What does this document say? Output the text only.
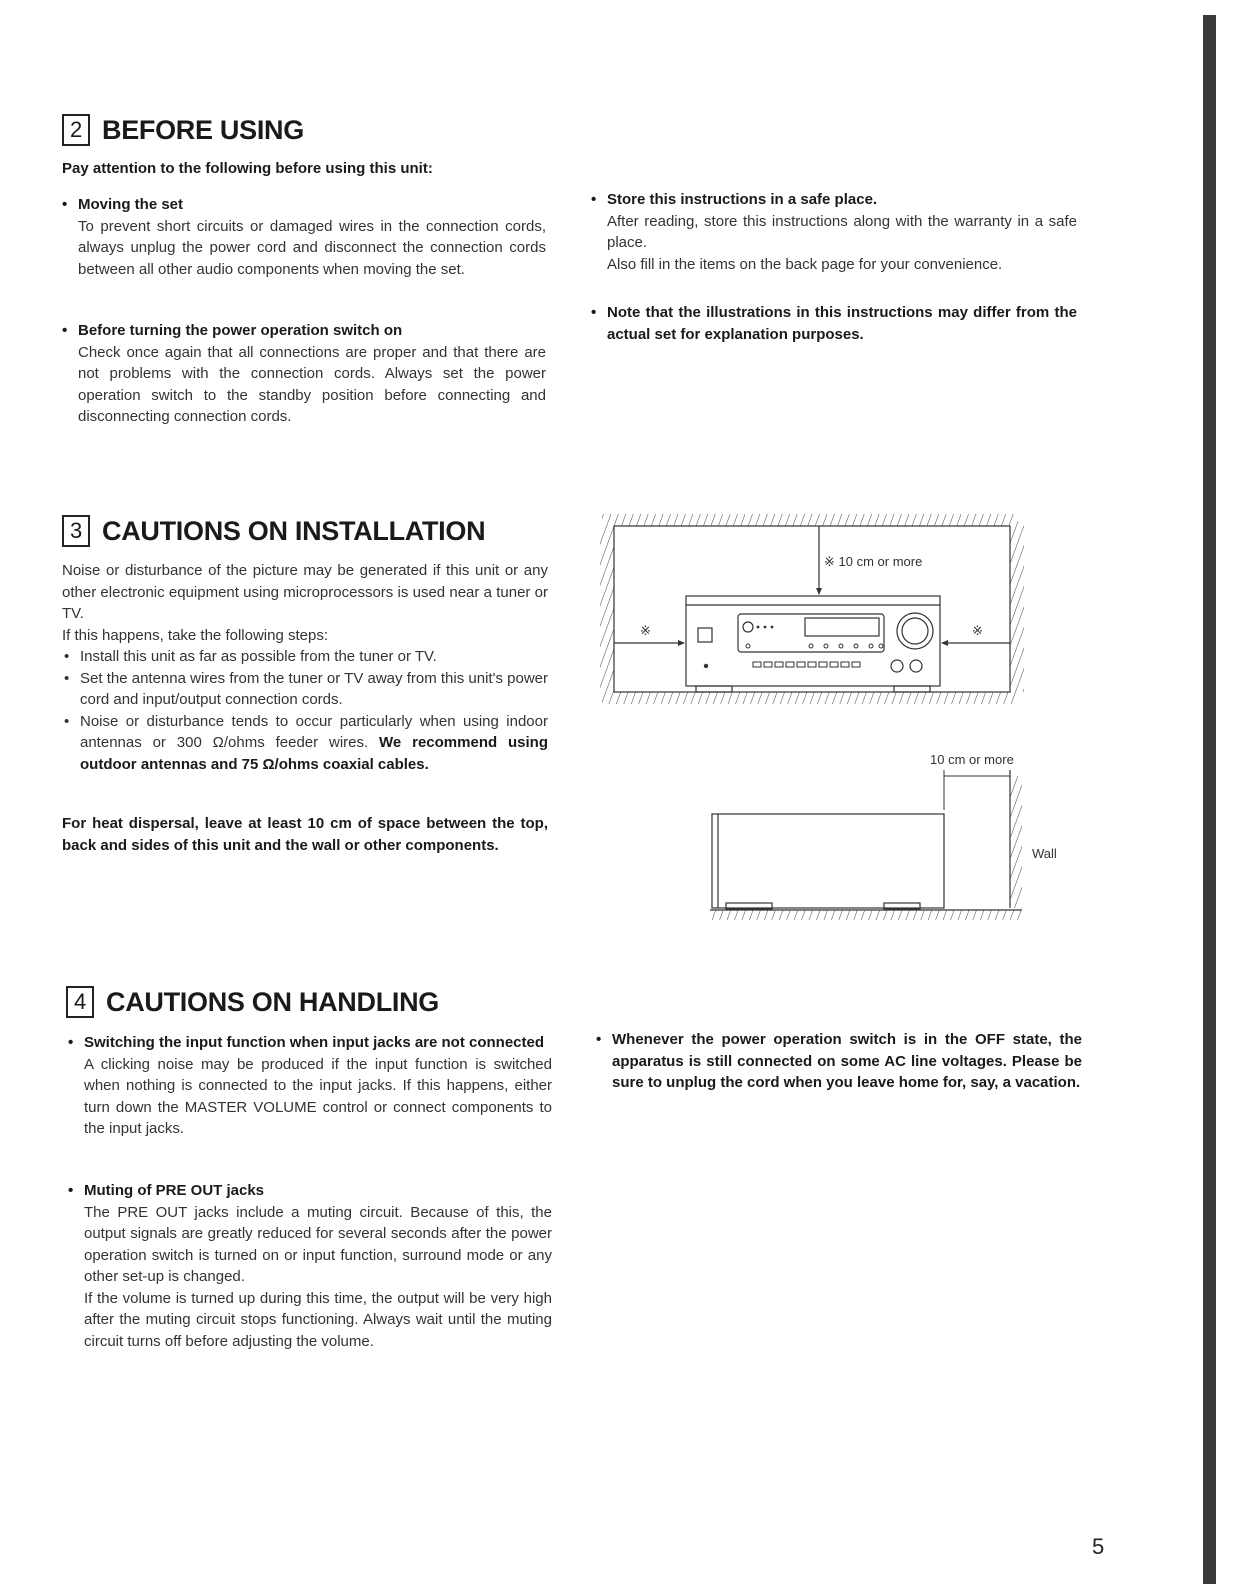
2 BEFORE USING
Pay attention to the following before using this unit:
• Moving the set

To prevent short circuits or damaged wires in the connection cords, always unplug the power cord and disconnect the connection cords between all other audio components when moving the set.

• Before turning the power operation switch on

Check once again that all connections are proper and that there are not problems with the connection cords. Always set the power operation switch to the standby position before connecting and disconnecting connection cords.

• Store this instructions in a safe place.

After reading, store this instructions along with the warranty in a safe place.

Also fill in the items on the back page for your convenience.

• Note that the illustrations in this instructions may differ from the actual set for explanation purposes.
3 CAUTIONS ON INSTALLATION

Noise or disturbance of the picture may be generated if this unit or any other electronic equipment using microprocessors is used near a tuner or TV.

If this happens, take the following steps:

• Install this unit as far as possible from the tuner or TV.
• Set the antenna wires from the tuner or TV away from this unit's power cord and input/output connection cords.
• Noise or disturbance tends to occur particularly when using indoor antennas or 300 Ω/ohms feeder wires. We recommend using outdoor antennas and 75 Ω/ohms coaxial cables.

For heat dispersal, leave at least 10 cm of space between the top, back and sides of this unit and the wall or other components.

※ 10 cm or more
※	※
10 cm or more
Wall
4 CAUTIONS ON HANDLING
• Switching the input function when input jacks are not connected

A clicking noise may be produced if the input function is switched when nothing is connected to the input jacks. If this happens, either turn down the MASTER VOLUME control or connect components to the input jacks.

• Muting of PRE OUT jacks

The PRE OUT jacks include a muting circuit. Because of this, the output signals are greatly reduced for several seconds after the power operation switch is turned on or input function, surround mode or any other set-up is changed.

If the volume is turned up during this time, the output will be very high after the muting circuit stops functioning. Always wait until the muting circuit turns off before adjusting the volume.

• Whenever the power operation switch is in the OFF state, the apparatus is still connected on some AC line voltages. Please be sure to unplug the cord when you leave home for, say, a vacation.
5
